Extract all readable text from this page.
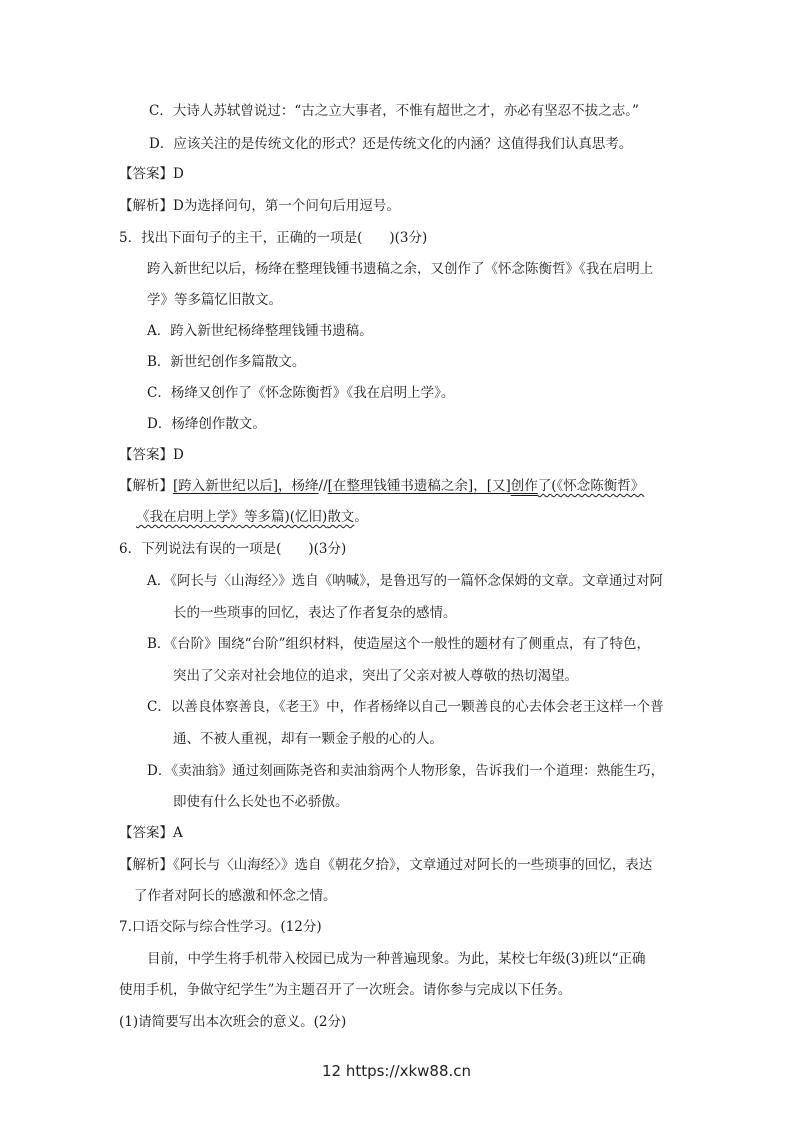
C．大诗人苏轼曾说过：“古之立大事者，不惟有超世之才，亦必有坚忍不拔之志。”
D．应该关注的是传统文化的形式？还是传统文化的内涵？这值得我们认真思考。
【答案】D
【解析】D为选择问句，第一个问句后用逗号。
5．找出下面句子的主干，正确的一项是(　　)(3分)
跨入新世纪以后，杨绛在整理钱锺书遗稿之余，又创作了《怀念陈衡哲》《我在启明上
学》等多篇忆旧散文。
A．跨入新世纪杨绛整理钱锺书遗稿。
B．新世纪创作多篇散文。
C．杨绛又创作了《怀念陈衡哲》《我在启明上学》。
D．杨绛创作散文。
【答案】D
【解析】[跨入新世纪以后]，杨绛//[在整理钱锺书遗稿之余]，[又]创作了(《怀念陈衡哲》
《我在启明上学》等多篇)(忆旧)散文。
6．下列说法有误的一项是(　　)(3分)
A．《阿长与〈山海经〉》选自《呐喊》，是鲁迅写的一篇怀念保姆的文章。文章通过对阿
长的一些琐事的回忆，表达了作者复杂的感情。
B．《台阶》围绕“台阶”组织材料，使造屋这个一般性的题材有了侧重点，有了特色，
突出了父亲对社会地位的追求，突出了父亲对被人尊敬的热切渴望。
C．以善良体察善良，《老王》中，作者杨绛以自己一颗善良的心去体会老王这样一个普
通、不被人重视，却有一颗金子般的心的人。
D．《卖油翁》通过刻画陈尧咨和卖油翁两个人物形象，告诉我们一个道理：熟能生巧，
即使有什么长处也不必骄傲。
【答案】A
【解析】《阿长与〈山海经〉》选自《朝花夕拾》，文章通过对阿长的一些琐事的回忆，表达
了作者对阿长的感激和怀念之情。
7.口语交际与综合性学习。(12分)
目前，中学生将手机带入校园已成为一种普遍现象。为此，某校七年级(3)班以“正确
使用手机，争做守纪学生”为主题召开了一次班会。请你参与完成以下任务。
(1)请简要写出本次班会的意义。(2分)
12 https://xkw88.cn
